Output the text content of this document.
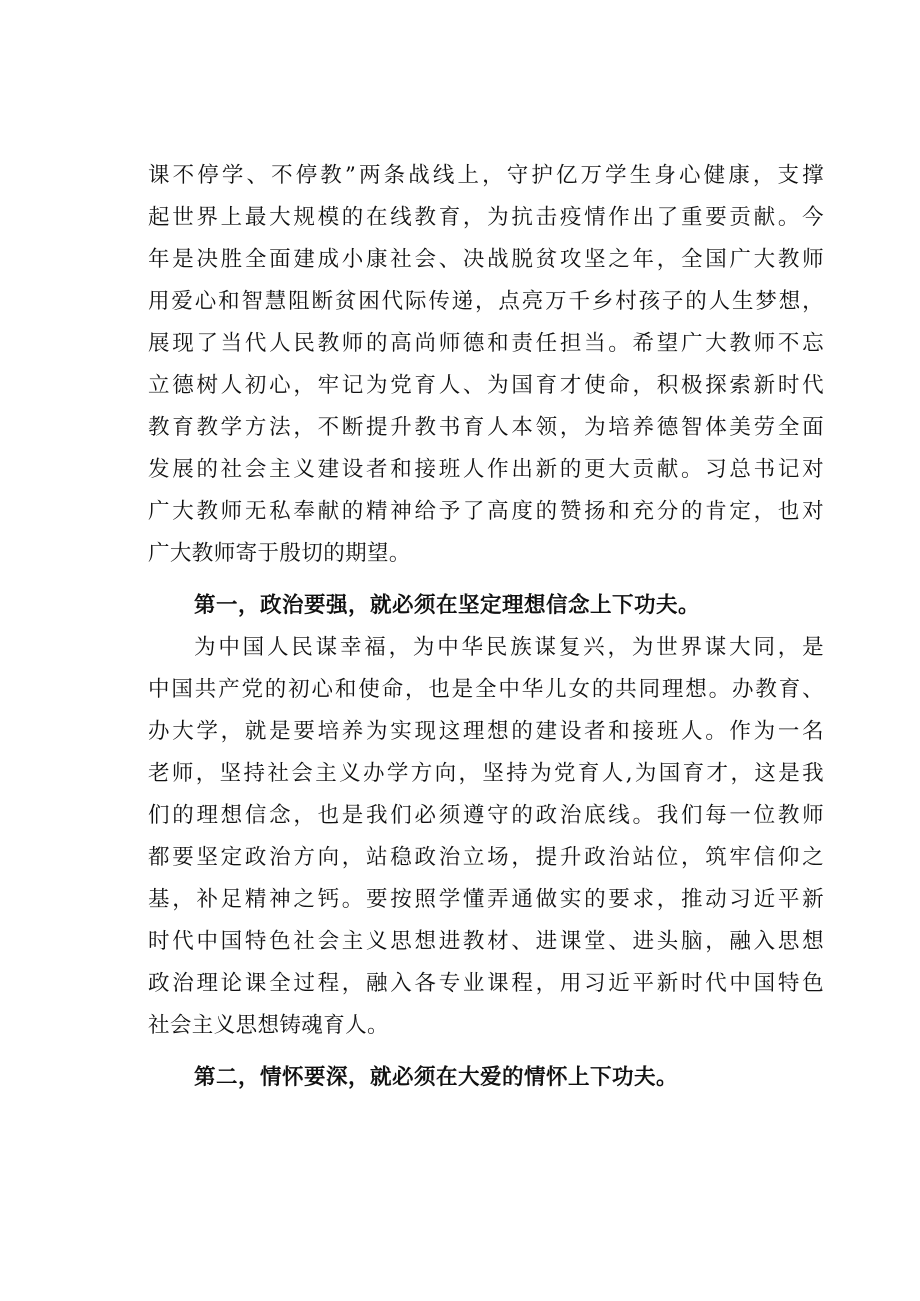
课不停学、不停教”两条战线上，守护亿万学生身心健康，支撑
起世界上最大规模的在线教育，为抗击疫情作出了重要贡献。今
年是决胜全面建成小康社会、决战脱贫攻坚之年，全国广大教师
用爱心和智慧阻断贫困代际传递，点亮万千乡村孩子的人生梦想，
展现了当代人民教师的高尚师德和责任担当。希望广大教师不忘
立德树人初心，牢记为党育人、为国育才使命，积极探索新时代
教育教学方法，不断提升教书育人本领，为培养德智体美劳全面
发展的社会主义建设者和接班人作出新的更大贡献。习总书记对
广大教师无私奉献的精神给予了高度的赞扬和充分的肯定，也对
广大教师寄于殷切的期望。
第一，政治要强，就必须在坚定理想信念上下功夫。
为中国人民谋幸福，为中华民族谋复兴，为世界谋大同，是
中国共产党的初心和使命，也是全中华儿女的共同理想。办教育、
办大学，就是要培养为实现这理想的建设者和接班人。作为一名
老师，坚持社会主义办学方向，坚持为党育人,为国育才，这是我
们的理想信念，也是我们必须遵守的政治底线。我们每一位教师
都要坚定政治方向，站稳政治立场，提升政治站位，筑牢信仰之
基，补足精神之钙。要按照学懂弄通做实的要求，推动习近平新
时代中国特色社会主义思想进教材、进课堂、进头脑，融入思想
政治理论课全过程，融入各专业课程，用习近平新时代中国特色
社会主义思想铸魂育人。
第二，情怀要深，就必须在大爱的情怀上下功夫。
